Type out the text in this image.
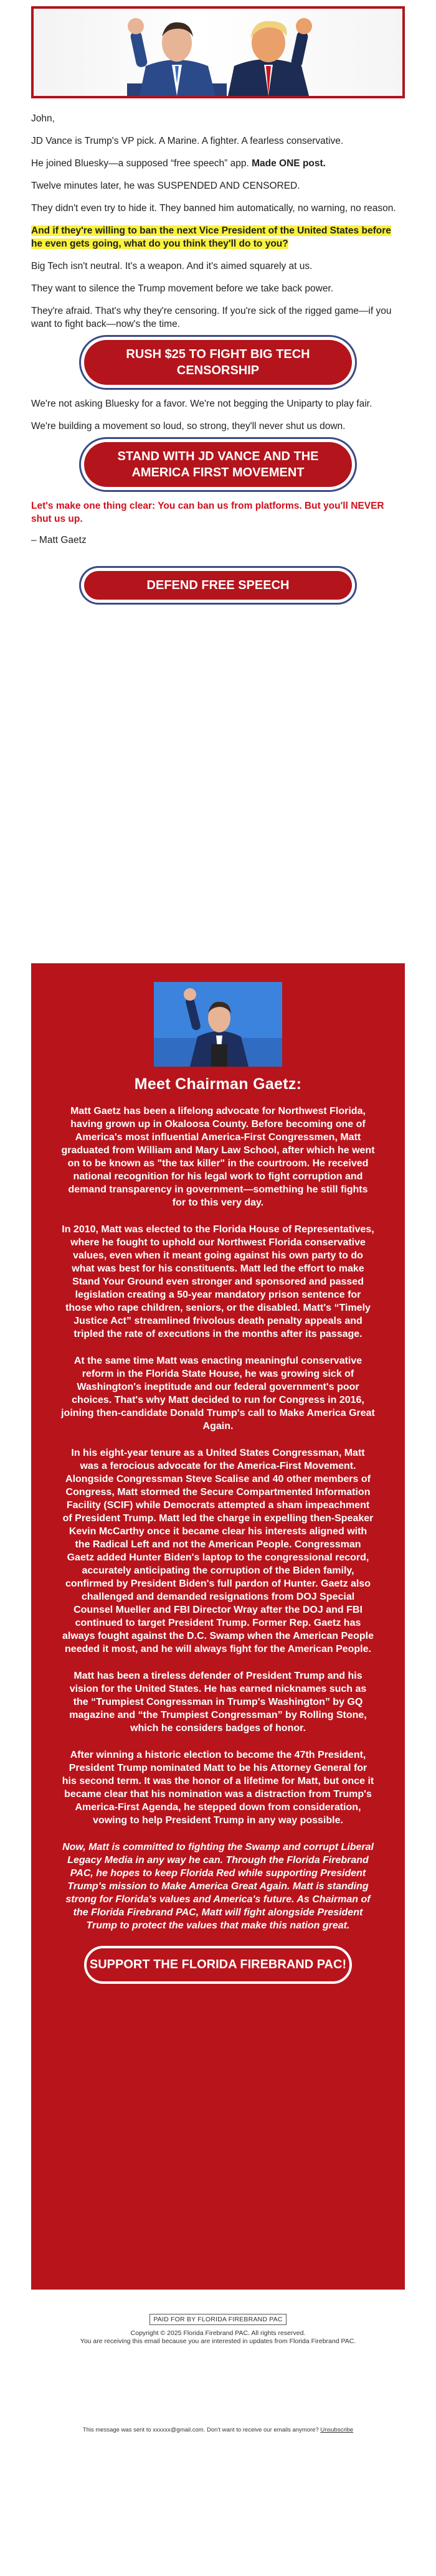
John,

JD Vance is Trump's VP pick. A Marine. A fighter. A fearless conservative.

He joined Bluesky—a supposed “free speech” app. Made ONE post.

Twelve minutes later, he was SUSPENDED AND CENSORED.

They didn't even try to hide it. They banned him automatically, no warning, no reason.

And if they're willing to ban the next Vice President of the United States before he even gets going, what do you think they'll do to you?

Big Tech isn't neutral. It's a weapon. And it's aimed squarely at us.

They want to silence the Trump movement before we take back power.

They're afraid. That's why they're censoring. If you're sick of the rigged game—if you want to fight back—now's the time.

RUSH $25 TO FIGHT BIG TECH CENSORSHIP

We're not asking Bluesky for a favor. We're not begging the Uniparty to play fair.

We're building a movement so loud, so strong, they'll never shut us down.

STAND WITH JD VANCE AND THE AMERICA FIRST MOVEMENT

Let's make one thing clear: You can ban us from platforms. But you'll NEVER shut us up.

– Matt Gaetz

DEFEND FREE SPEECH
Meet Chairman Gaetz:

Matt Gaetz has been a lifelong advocate for Northwest Florida, having grown up in Okaloosa County. Before becoming one of America's most influential America-First Congressmen, Matt graduated from William and Mary Law School, after which he went on to be known as "the tax killer" in the courtroom. He received national recognition for his legal work to fight corruption and demand transparency in government—something he still fights for to this very day.

In 2010, Matt was elected to the Florida House of Representatives, where he fought to uphold our Northwest Florida conservative values, even when it meant going against his own party to do what was best for his constituents. Matt led the effort to make Stand Your Ground even stronger and sponsored and passed legislation creating a 50-year mandatory prison sentence for those who rape children, seniors, or the disabled. Matt's “Timely Justice Act” streamlined frivolous death penalty appeals and tripled the rate of executions in the months after its passage.

At the same time Matt was enacting meaningful conservative reform in the Florida State House, he was growing sick of Washington's ineptitude and our federal government's poor choices. That's why Matt decided to run for Congress in 2016, joining then-candidate Donald Trump's call to Make America Great Again.

In his eight-year tenure as a United States Congressman, Matt was a ferocious advocate for the America-First Movement. Alongside Congressman Steve Scalise and 40 other members of Congress, Matt stormed the Secure Compartmented Information Facility (SCIF) while Democrats attempted a sham impeachment of President Trump. Matt led the charge in expelling then-Speaker Kevin McCarthy once it became clear his interests aligned with the Radical Left and not the American People. Congressman Gaetz added Hunter Biden's laptop to the congressional record, accurately anticipating the corruption of the Biden family, confirmed by President Biden's full pardon of Hunter. Gaetz also challenged and demanded resignations from DOJ Special Counsel Mueller and FBI Director Wray after the DOJ and FBI continued to target President Trump. Former Rep. Gaetz has always fought against the D.C. Swamp when the American People needed it most, and he will always fight for the American People.

Matt has been a tireless defender of President Trump and his vision for the United States. He has earned nicknames such as the “Trumpiest Congressman in Trump's Washington” by GQ magazine and “the Trumpiest Congressman” by Rolling Stone, which he considers badges of honor.

After winning a historic election to become the 47th President, President Trump nominated Matt to be his Attorney General for his second term. It was the honor of a lifetime for Matt, but once it became clear that his nomination was a distraction from Trump's America-First Agenda, he stepped down from consideration, vowing to help President Trump in any way possible.

Now, Matt is committed to fighting the Swamp and corrupt Liberal Legacy Media in any way he can. Through the Florida Firebrand PAC, he hopes to keep Florida Red while supporting President Trump's mission to Make America Great Again. Matt is standing strong for Florida's values and America's future. As Chairman of the Florida Firebrand PAC, Matt will fight alongside President Trump to protect the values that make this nation great.

SUPPORT THE FLORIDA FIREBRAND PAC!
PAID FOR BY FLORIDA FIREBRAND PAC
Copyright © 2025 Florida Firebrand PAC. All rights reserved.
You are receiving this email because you are interested in updates from Florida Firebrand PAC.
This message was sent to xxxxxx@gmail.com. Don't want to receive our emails anymore? Unsubscribe
